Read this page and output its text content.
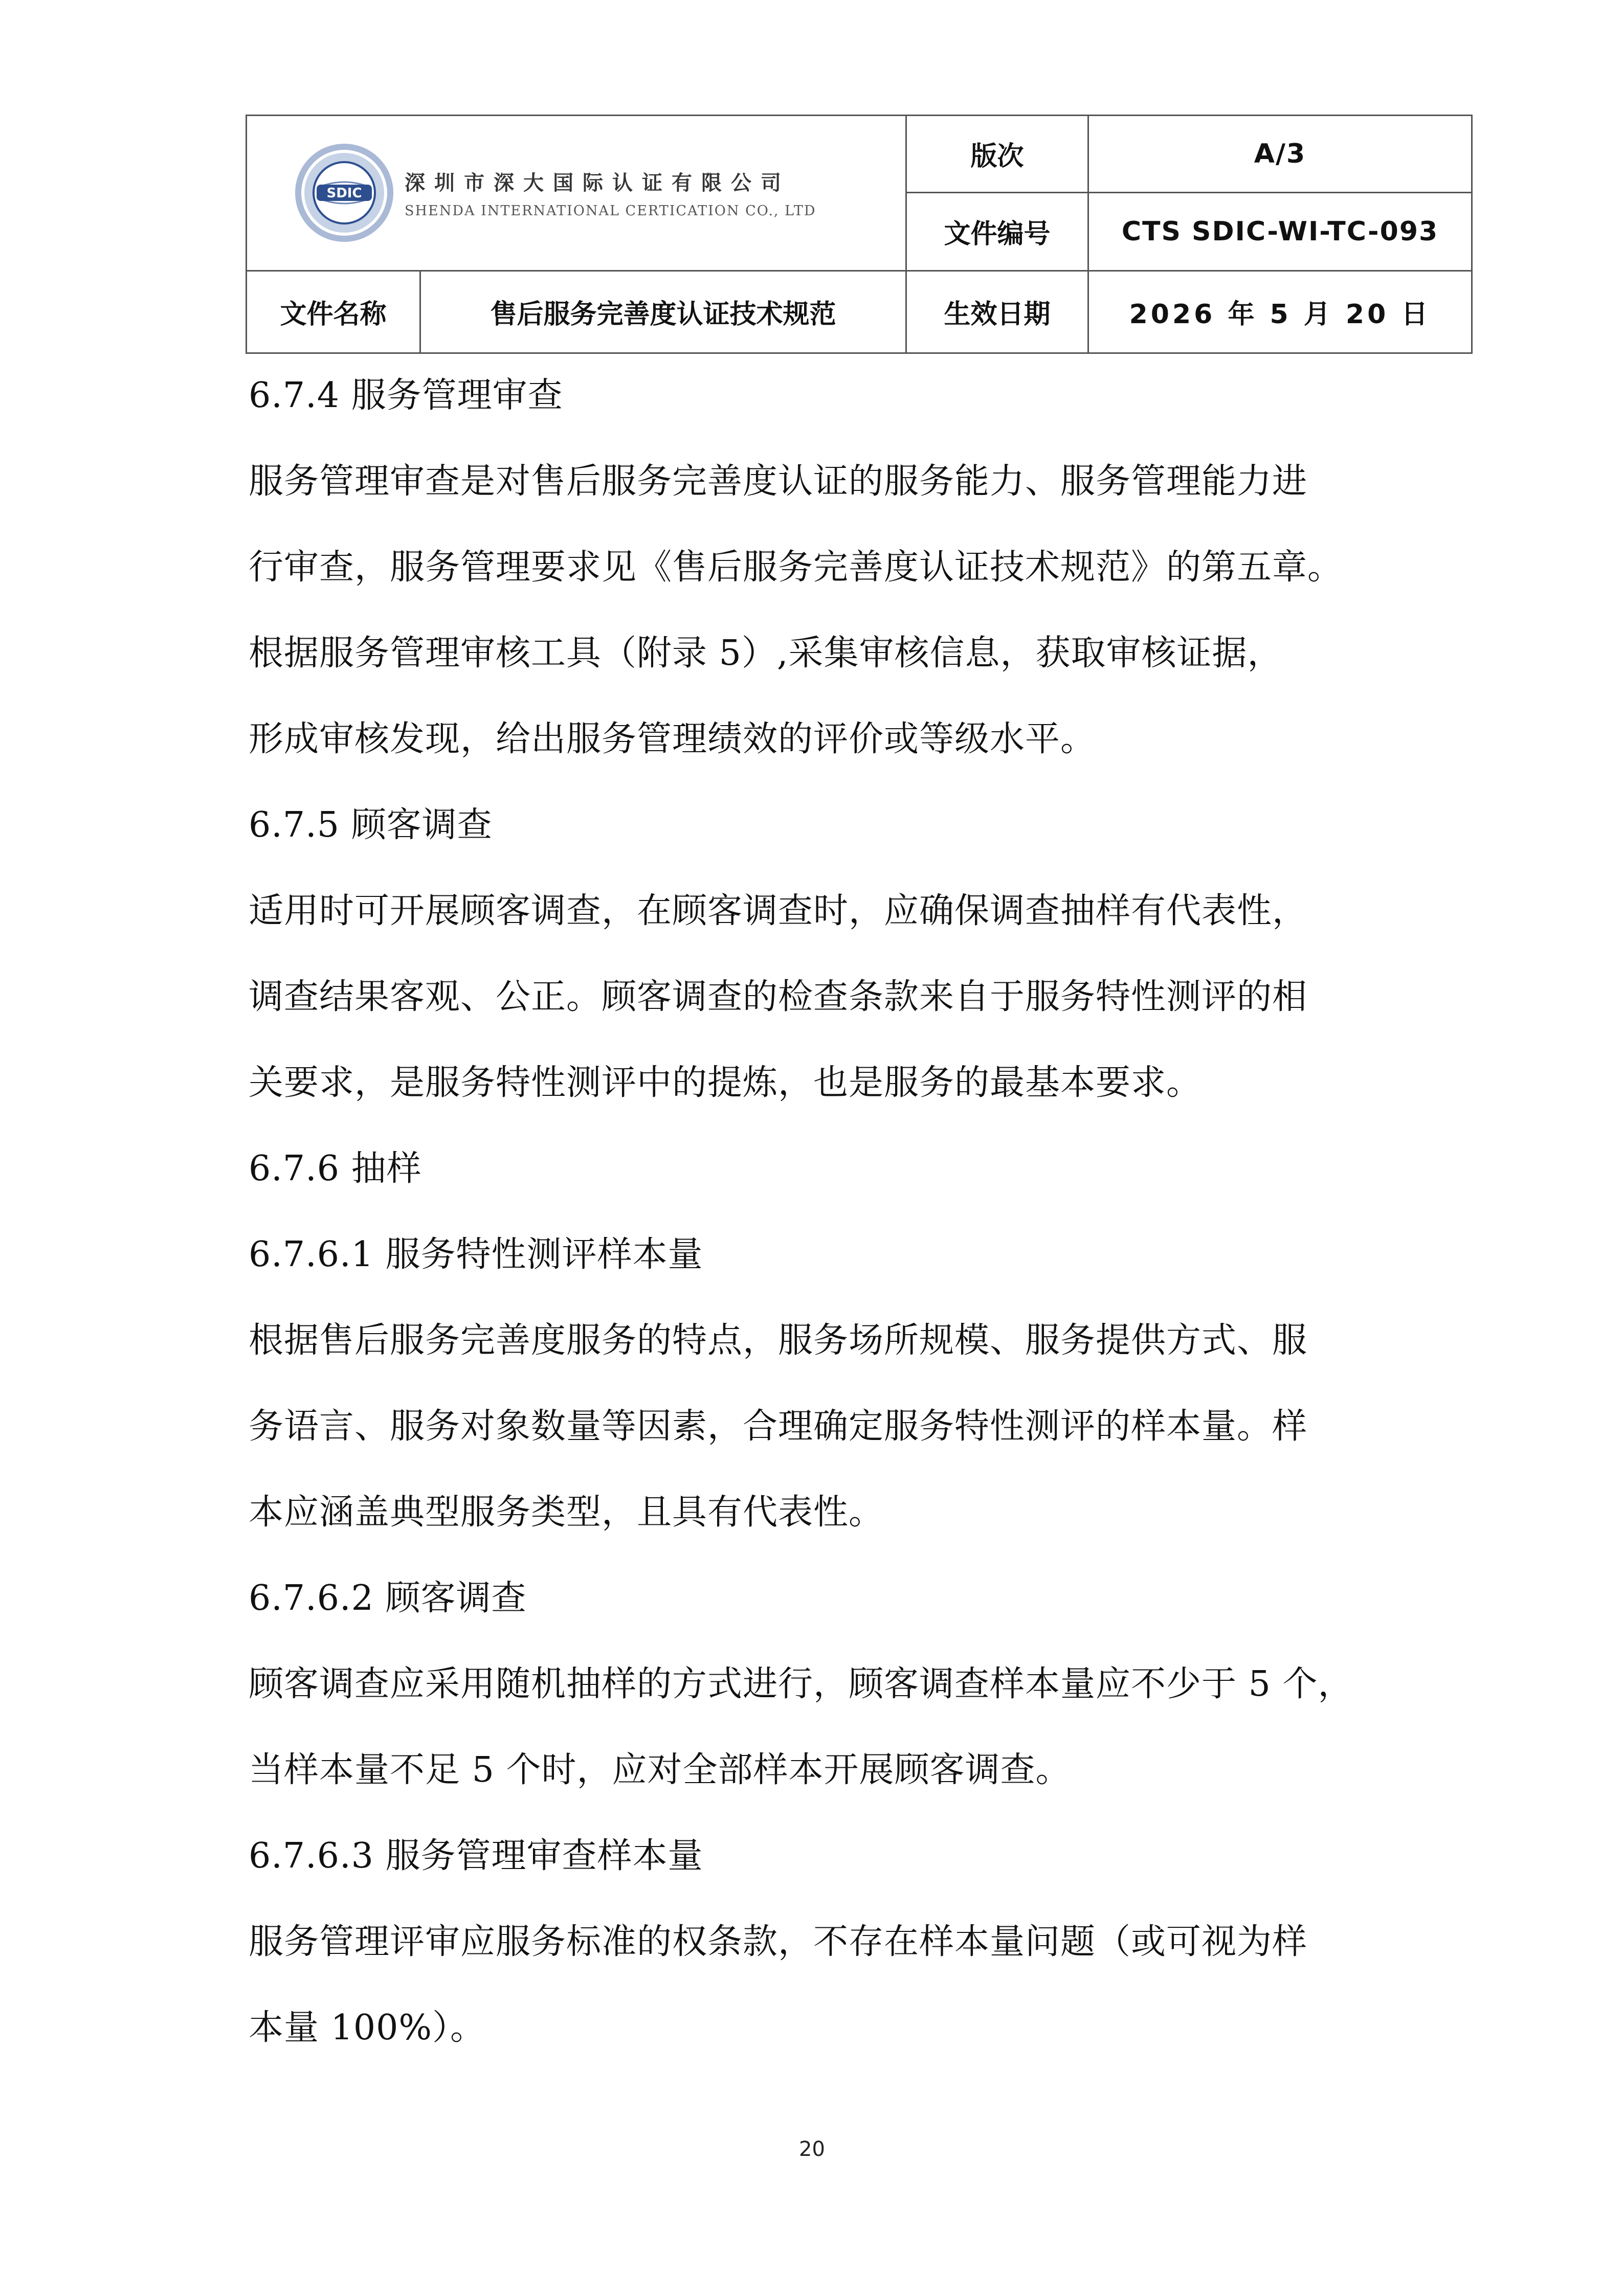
SDIC 深圳市深大国际认证有限公司
SHENDA INTERNATIONAL CERTICATION CO., LTD		版次	A/3
		文件编号	CTS SDIC-WI-TC-093
文件名称	售后服务完善度认证技术规范	生效日期	2026 年 5 月 20 日
6.7.4 服务管理审查
服务管理审查是对售后服务完善度认证的服务能力、服务管理能力进
行审查，服务管理要求见《售后服务完善度认证技术规范》的第五章。
根据服务管理审核工具（附录 5）,采集审核信息，获取审核证据，
形成审核发现，给出服务管理绩效的评价或等级水平。
6.7.5 顾客调查
适用时可开展顾客调查，在顾客调查时，应确保调查抽样有代表性，
调查结果客观、公正。顾客调查的检查条款来自于服务特性测评的相
关要求，是服务特性测评中的提炼，也是服务的最基本要求。
6.7.6 抽样
6.7.6.1 服务特性测评样本量
根据售后服务完善度服务的特点，服务场所规模、服务提供方式、服
务语言、服务对象数量等因素，合理确定服务特性测评的样本量。样
本应涵盖典型服务类型，且具有代表性。
6.7.6.2 顾客调查
顾客调查应采用随机抽样的方式进行，顾客调查样本量应不少于 5 个，
当样本量不足 5 个时，应对全部样本开展顾客调查。
6.7.6.3 服务管理审查样本量
服务管理评审应服务标准的权条款，不存在样本量问题（或可视为样
本量 100%）。
20
